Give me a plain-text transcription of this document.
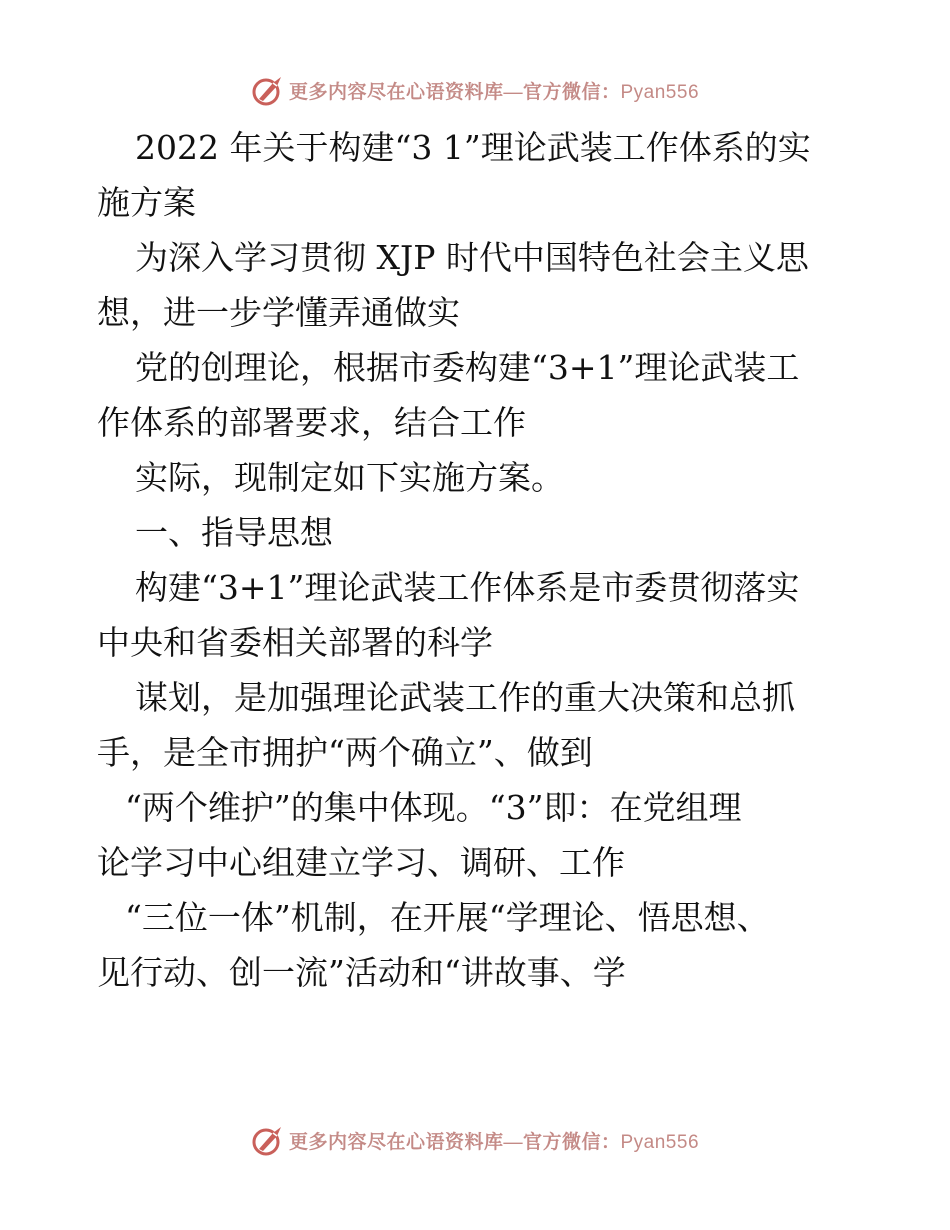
更多内容尽在心语资料库—官方微信：Pyan556
2022 年关于构建“3 1”理论武装工作体系的实
施方案
为深入学习贯彻 XJP 时代中国特色社会主义思
想，进一步学懂弄通做实
党的创理论，根据市委构建“3+1”理论武装工
作体系的部署要求，结合工作
实际，现制定如下实施方案。
一、指导思想
构建“3+1”理论武装工作体系是市委贯彻落实
中央和省委相关部署的科学
谋划，是加强理论武装工作的重大决策和总抓
手，是全市拥护“两个确立”、做到
“两个维护”的集中体现。“3”即：在党组理
论学习中心组建立学习、调研、工作
“三位一体”机制，在开展“学理论、悟思想、
见行动、创一流”活动和“讲故事、学
更多内容尽在心语资料库—官方微信：Pyan556
